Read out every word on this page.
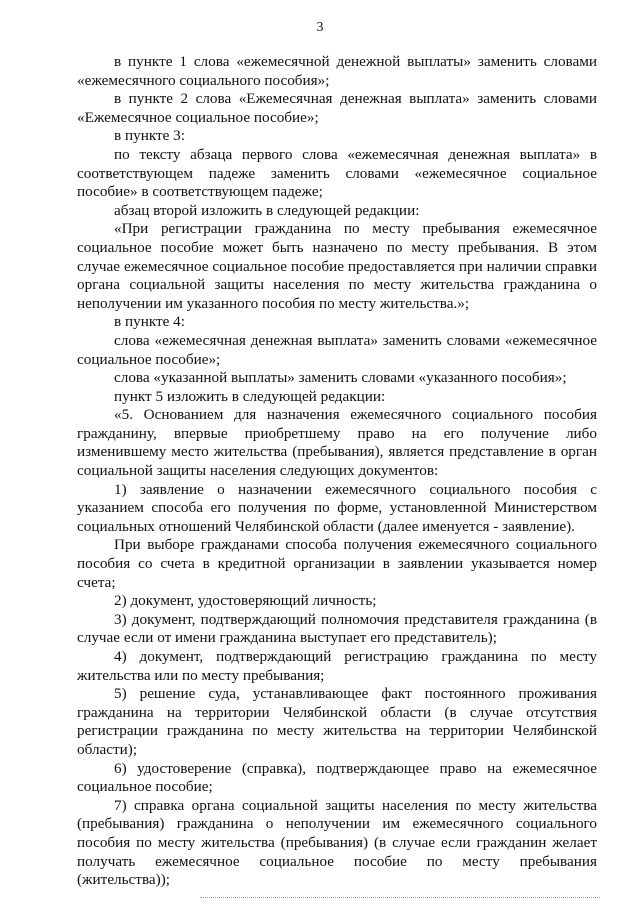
3

в пункте 1 слова «ежемесячной денежной выплаты» заменить словами «ежемесячного социального пособия»;

в пункте 2 слова «Ежемесячная денежная выплата» заменить словами «Ежемесячное социальное пособие»;

в пункте 3:

по тексту абзаца первого слова «ежемесячная денежная выплата» в соответствующем падеже заменить словами «ежемесячное социальное пособие» в соответствующем падеже;

абзац второй изложить в следующей редакции:

«При регистрации гражданина по месту пребывания ежемесячное социальное пособие может быть назначено по месту пребывания. В этом случае ежемесячное социальное пособие предоставляется при наличии справки органа социальной защиты населения по месту жительства гражданина о неполучении им указанного пособия по месту жительства.»;

в пункте 4:

слова «ежемесячная денежная выплата» заменить словами «ежемесячное социальное пособие»;

слова «указанной выплаты» заменить словами «указанного пособия»;

пункт 5 изложить в следующей редакции:

«5. Основанием для назначения ежемесячного социального пособия гражданину, впервые приобретшему право на его получение либо изменившему место жительства (пребывания), является представление в орган социальной защиты населения следующих документов:

1) заявление о назначении ежемесячного социального пособия с указанием способа его получения по форме, установленной Министерством социальных отношений Челябинской области (далее именуется - заявление).

При выборе гражданами способа получения ежемесячного социального пособия со счета в кредитной организации в заявлении указывается номер счета;

2) документ, удостоверяющий личность;

3) документ, подтверждающий полномочия представителя гражданина (в случае если от имени гражданина выступает его представитель);

4) документ, подтверждающий регистрацию гражданина по месту жительства или по месту пребывания;

5) решение суда, устанавливающее факт постоянного проживания гражданина на территории Челябинской области (в случае отсутствия регистрации гражданина по месту жительства на территории Челябинской области);

6) удостоверение (справка), подтверждающее право на ежемесячное социальное пособие;

7) справка органа социальной защиты населения по месту жительства (пребывания) гражданина о неполучении им ежемесячного социального пособия по месту жительства (пребывания) (в случае если гражданин желает получать ежемесячное социальное пособие по месту пребывания (жительства));
